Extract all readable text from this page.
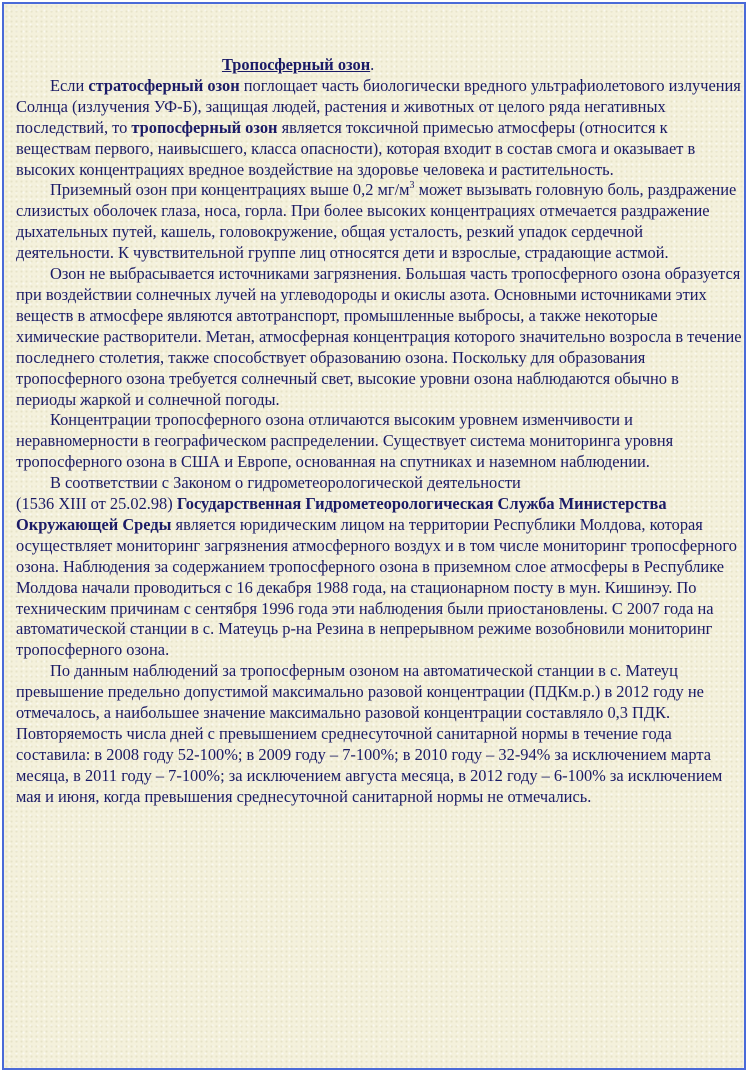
Тропосферный озон.

Если стратосферный озон поглощает часть биологически вредного ультрафиолетового излучения Солнца (излучения УФ-Б), защищая людей, растения и животных от целого ряда негативных последствий, то тропосферный озон является токсичной примесью атмосферы (относится к веществам первого, наивысшего, класса опасности), которая входит в состав смога и оказывает в высоких концентрациях вредное воздействие на здоровье человека и растительность.

Приземный озон при концентрациях выше 0,2 $мг/м^3$ может вызывать головную боль, раздражение слизистых оболочек глаза, носа, горла. При более высоких концентрациях отмечается раздражение дыхательных путей, кашель, головокружение, общая усталость, резкий упадок сердечной деятельности. К чувствительной группе лиц относятся дети и взрослые, страдающие астмой.

Озон не выбрасывается источниками загрязнения. Большая часть тропосферного озона образуется при воздействии солнечных лучей на углеводороды и окислы азота. Основными источниками этих веществ в атмосфере являются автотранспорт, промышленные выбросы, а также некоторые химические растворители. Метан, атмосферная концентрация которого значительно возросла в течение последнего столетия, также способствует образованию озона. Поскольку для образования тропосферного озона требуется солнечный свет, высокие уровни озона наблюдаются обычно в периоды жаркой и солнечной погоды.

Концентрации тропосферного озона отличаются высоким уровнем изменчивости и неравномерности в географическом распределении. Существует система мониторинга уровня тропосферного озона в США и Европе, основанная на спутниках и наземном наблюдении.

В соответствии с Законом о гидрометеорологической деятельности

(1536 XIII от 25.02.98) Государственная Гидрометеорологическая Служба Министерства Окружающей Среды является юридическим лицом на территории Республики Молдова, которая осуществляет мониторинг загрязнения атмосферного воздух и в том числе мониторинг тропосферного озона. Наблюдения за содержанием тропосферного озона в приземном слое атмосферы в Республике Молдова начали проводиться с 16 декабря 1988 года, на стационарном посту в мун. Кишинэу. По техническим причинам с сентября 1996 года эти наблюдения были приостановлены. С 2007 года на автоматической станции в с. Матеуць р-на Резина в непрерывном режиме возобновили мониторинг тропосферного озона.

По данным наблюдений за тропосферным озоном на автоматической станции в с. Матеуц превышение предельно допустимой максимально разовой концентрации (ПДКм.р.) в 2012 году не отмечалось, а наибольшее значение максимально разовой концентрации составляло 0,3 ПДК. Повторяемость числа дней с превышением среднесуточной санитарной нормы в течение года составила: в 2008 году 52-100%; в 2009 году – 7-100%; в 2010 году – 32-94% за исключением марта месяца, в 2011 году – 7-100%; за исключением августа месяца, в 2012 году – 6-100% за исключением мая и июня, когда превышения среднесуточной санитарной нормы не отмечались.
